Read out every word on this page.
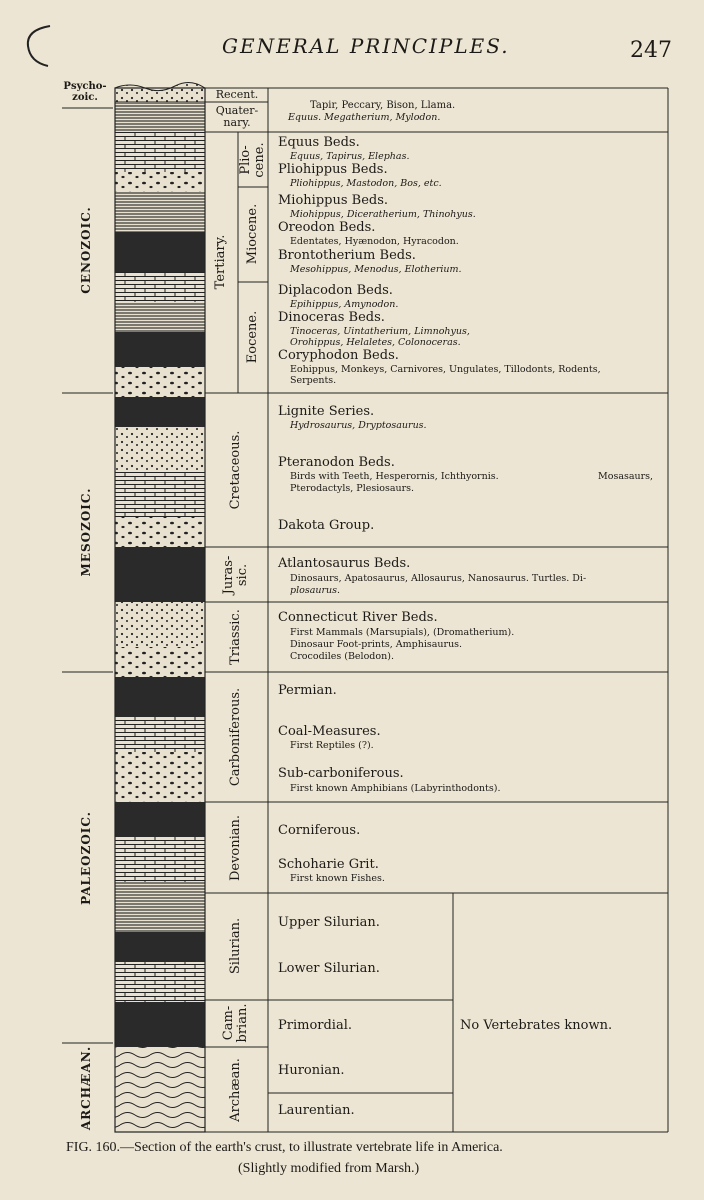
GENERAL PRINCIPLES.	247
Psycho-zoic.
CENOZOIC.
MESOZOIC.
PALEOZOIC.
ARCHÆAN.
Recent.
Quater-nary.
Tertiary.
Cretaceous.
Juras-sic.
Triassic.
Carboniferous.
Devonian.
Silurian.
Cam-brian.
Archæan.
Plio-cene.
Miocene.
Eocene.
Tapir, Peccary, Bison, Llama.
Equus. Megatherium, Mylodon.
Equus Beds.
Equus, Tapirus, Elephas.
Pliohippus Beds.
Pliohippus, Mastodon, Bos, etc.
Miohippus Beds.
Miohippus, Diceratherium, Thinohyus.
Oreodon Beds.
Edentates, Hyænodon, Hyracodon.
Brontotherium Beds.
Mesohippus, Menodus, Elotherium.
Diplacodon Beds.
Epihippus, Amynodon.
Dinoceras Beds.
Tinoceras, Uintatherium, Limnohyus,
Orohippus, Helaletes, Colonoceras.
Coryphodon Beds.
Eohippus, Monkeys, Carnivores, Ungulates, Tillodonts, Rodents,
Serpents.
Lignite Series.
Hydrosaurus, Dryptosaurus.
Pteranodon Beds.
Birds with Teeth, Hesperornis, Ichthyornis.	Mosasaurs,
Pterodactyls, Plesiosaurs.
Dakota Group.
Atlantosaurus Beds.
Dinosaurs, Apatosaurus, Allosaurus, Nanosaurus. Turtles. Di-
plosaurus.
Connecticut River Beds.
First Mammals (Marsupials), (Dromatherium).
Dinosaur Foot-prints, Amphisaurus.
Crocodiles (Belodon).
Permian.
Coal-Measures.
First Reptiles (?).
Sub-carboniferous.
First known Amphibians (Labyrinthodonts).
Corniferous.
Schoharie Grit.
First known Fishes.
Upper Silurian.
Lower Silurian.
Primordial.
Huronian.
Laurentian.
No Vertebrates known.
FIG. 160.—Section of the earth's crust, to illustrate vertebrate life in America.
(Slightly modified from Marsh.)
